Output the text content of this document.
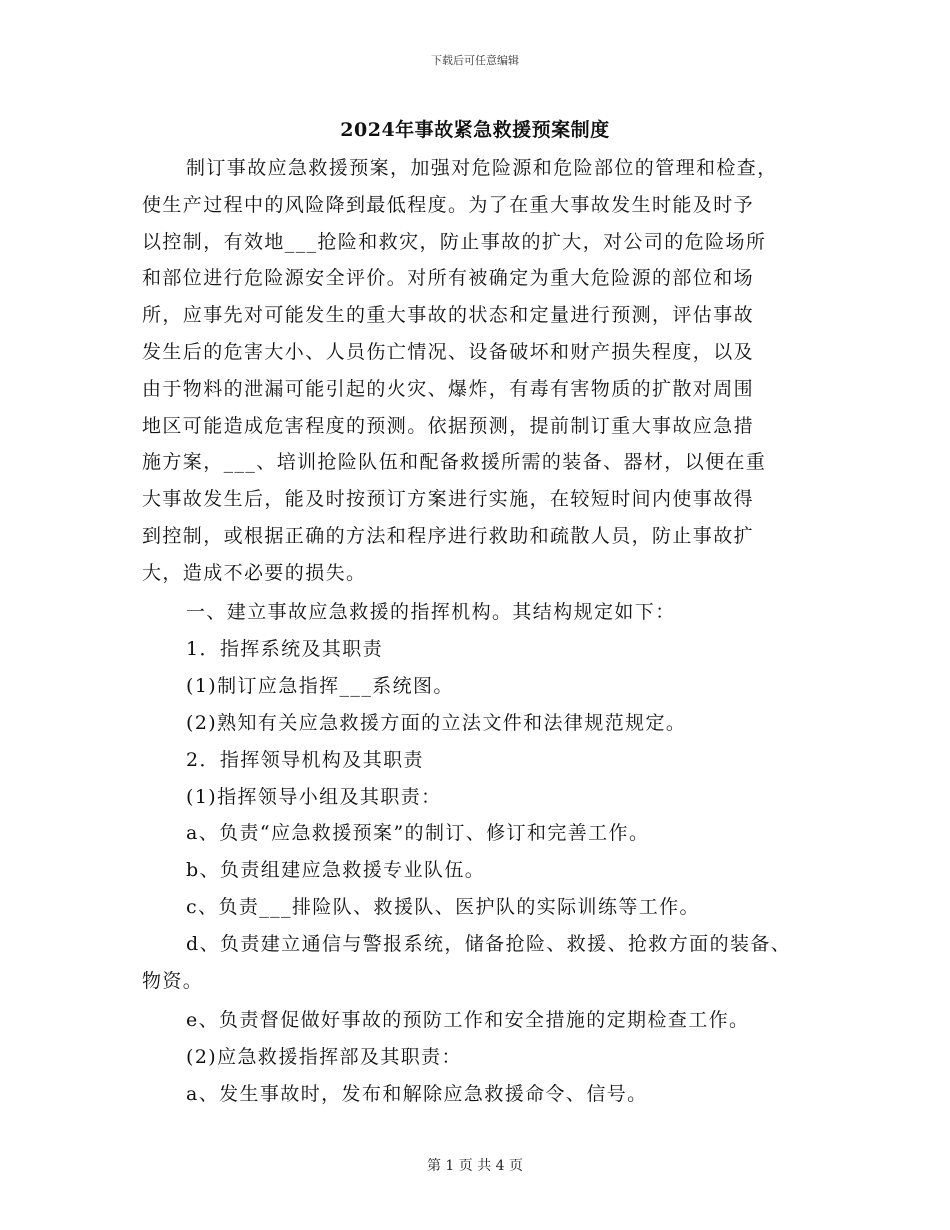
下载后可任意编辑
2024年事故紧急救援预案制度
制订事故应急救援预案，加强对危险源和危险部位的管理和检查，
使生产过程中的风险降到最低程度。为了在重大事故发生时能及时予
以控制，有效地___抢险和救灾，防止事故的扩大，对公司的危险场所
和部位进行危险源安全评价。对所有被确定为重大危险源的部位和场
所，应事先对可能发生的重大事故的状态和定量进行预测，评估事故
发生后的危害大小、人员伤亡情况、设备破坏和财产损失程度，以及
由于物料的泄漏可能引起的火灾、爆炸，有毒有害物质的扩散对周围
地区可能造成危害程度的预测。依据预测，提前制订重大事故应急措
施方案，___、培训抢险队伍和配备救援所需的装备、器材，以便在重
大事故发生后，能及时按预订方案进行实施，在较短时间内使事故得
到控制，或根据正确的方法和程序进行救助和疏散人员，防止事故扩
大，造成不必要的损失。
一、建立事故应急救援的指挥机构。其结构规定如下：
1．指挥系统及其职责
(1)制订应急指挥___系统图。
(2)熟知有关应急救援方面的立法文件和法律规范规定。
2．指挥领导机构及其职责
(1)指挥领导小组及其职责：
a、负责“应急救援预案”的制订、修订和完善工作。
b、负责组建应急救援专业队伍。
c、负责___排险队、救援队、医护队的实际训练等工作。
d、负责建立通信与警报系统，储备抢险、救援、抢救方面的装备、
物资。
e、负责督促做好事故的预防工作和安全措施的定期检查工作。
(2)应急救援指挥部及其职责：
a、发生事故时，发布和解除应急救援命令、信号。
第 1 页 共 4 页
